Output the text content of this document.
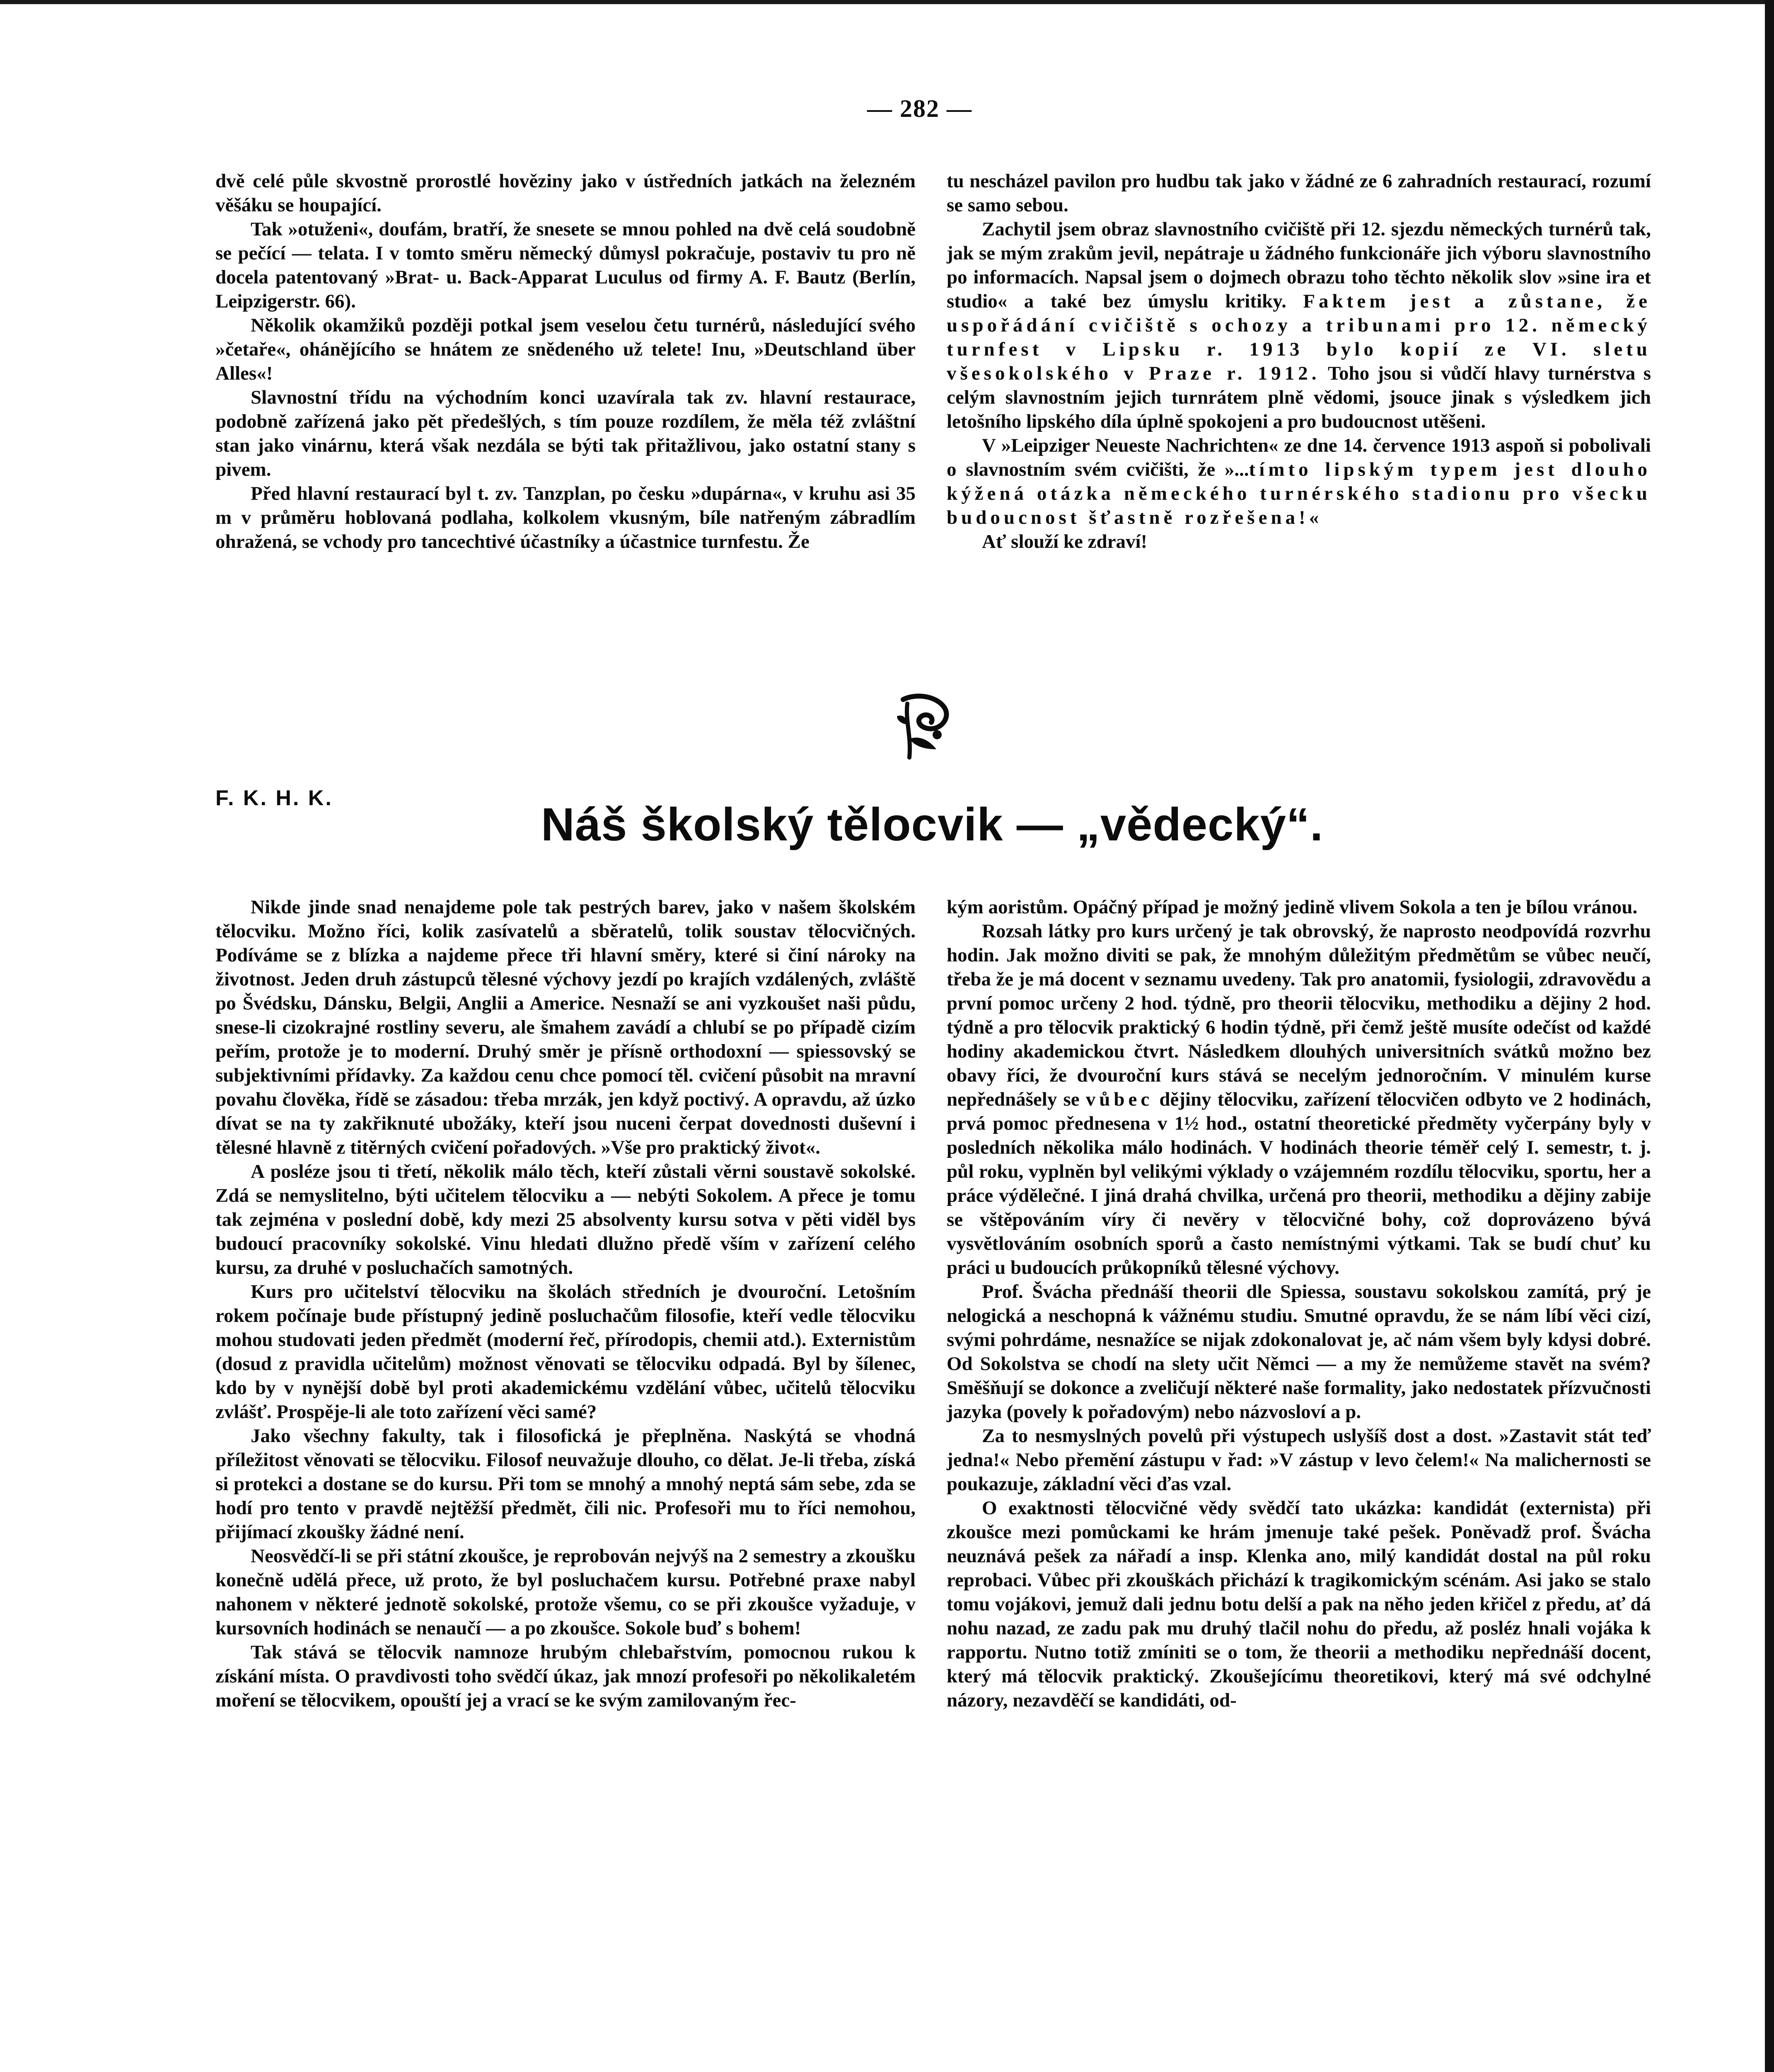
— 282 —

dvě celé půle skvostně prorostlé hověziny jako v ústředních jatkách na železném věšáku se houpající.

Tak »otuženi«, doufám, bratří, že snesete se mnou pohled na dvě celá soudobně se pečící — telata. I v tomto směru německý důmysl pokračuje, postaviv tu pro ně docela patentovaný »Brat- u. Back-Apparat Luculus od firmy A. F. Bautz (Berlín, Leipzigerstr. 66).

Několik okamžiků později potkal jsem veselou četu turnérů, následující svého »četaře«, ohánějícího se hnátem ze snědeného už telete! Inu, »Deutschland über Alles«!

Slavnostní třídu na východním konci uzavírala tak zv. hlavní restaurace, podobně zařízená jako pět předešlých, s tím pouze rozdílem, že měla též zvláštní stan jako vinárnu, která však nezdála se býti tak přitažlivou, jako ostatní stany s pivem.

Před hlavní restaurací byl t. zv. Tanzplan, po česku »dupárna«, v kruhu asi 35 m v průměru hoblovaná podlaha, kolkolem vkusným, bíle natřeným zábradlím ohražená, se vchody pro tancechtivé účastníky a účastnice turnfestu. Že

tu nescházel pavilon pro hudbu tak jako v žádné ze 6 zahradních restaurací, rozumí se samo sebou.

Zachytil jsem obraz slavnostního cvičiště při 12. sjezdu německých turnérů tak, jak se mým zrakům jevil, nepátraje u žádného funkcionáře jich výboru slavnostního po informacích. Napsal jsem o dojmech obrazu toho těchto několik slov »sine ira et studio« a také bez úmyslu kritiky. Faktem jest a zůstane, že uspořádání cvičiště s ochozy a tribunami pro 12. německý turnfest v Lipsku r. 1913 bylo kopií ze VI. sletu všesokolského v Praze r. 1912. Toho jsou si vůdčí hlavy turnérstva s celým slavnostním jejich turnrátem plně vědomi, jsouce jinak s výsledkem jich letošního lipského díla úplně spokojeni a pro budoucnost utěšeni.

V »Leipziger Neueste Nachrichten« ze dne 14. července 1913 aspoň si pobolivali o slavnostním svém cvičišti, že »...tímto lipským typem jest dlouho kýžená otázka německého turnérského stadionu pro všecku budoucnost šťastně rozřešena!«

Ať slouží ke zdraví!

F. K. H. K.
Náš školský tělocvik — „vědecký“.

Nikde jinde snad nenajdeme pole tak pestrých barev, jako v našem školském tělocviku. Možno říci, kolik zasívatelů a sběratelů, tolik soustav tělocvičných. Podíváme se z blízka a najdeme přece tři hlavní směry, které si činí nároky na životnost. Jeden druh zástupců tělesné výchovy jezdí po krajích vzdálených, zvláště po Švédsku, Dánsku, Belgii, Anglii a Americe. Nesnaží se ani vyzkoušet naši půdu, snese-li cizokrajné rostliny severu, ale šmahem zavádí a chlubí se po případě cizím peřím, protože je to moderní. Druhý směr je přísně orthodoxní — spiessovský se subjektivními přídavky. Za každou cenu chce pomocí těl. cvičení působit na mravní povahu člověka, řídě se zásadou: třeba mrzák, jen když poctivý. A opravdu, až úzko dívat se na ty zakřiknuté ubožáky, kteří jsou nuceni čerpat dovednosti duševní i tělesné hlavně z titěrných cvičení pořadových. »Vše pro praktický život«.

A posléze jsou ti třetí, několik málo těch, kteří zůstali věrni soustavě sokolské. Zdá se nemyslitelno, býti učitelem tělocviku a — nebýti Sokolem. A přece je tomu tak zejména v poslední době, kdy mezi 25 absolventy kursu sotva v pěti viděl bys budoucí pracovníky sokolské. Vinu hledati dlužno předě vším v zařízení celého kursu, za druhé v posluchačích samotných.

Kurs pro učitelství tělocviku na školách středních je dvouroční. Letošním rokem počínaje bude přístupný jedině posluchačům filosofie, kteří vedle tělocviku mohou studovati jeden předmět (moderní řeč, přírodopis, chemii atd.). Externistům (dosud z pravidla učitelům) možnost věnovati se tělocviku odpadá. Byl by šílenec, kdo by v nynější době byl proti akademickému vzdělání vůbec, učitelů tělocviku zvlášť. Prospěje-li ale toto zařízení věci samé?

Jako všechny fakulty, tak i filosofická je přeplněna. Naskýtá se vhodná příležitost věnovati se tělocviku. Filosof neuvažuje dlouho, co dělat. Je-li třeba, získá si protekci a dostane se do kursu. Při tom se mnohý a mnohý neptá sám sebe, zda se hodí pro tento v pravdě nejtěžší předmět, čili nic. Profesoři mu to říci nemohou, přijímací zkoušky žádné není.

Neosvědčí-li se při státní zkoušce, je reprobován nejvýš na 2 semestry a zkoušku konečně udělá přece, už proto, že byl posluchačem kursu. Potřebné praxe nabyl nahonem v některé jednotě sokolské, protože všemu, co se při zkoušce vyžaduje, v kursovních hodinách se nenaučí — a po zkoušce. Sokole buď s bohem!

Tak stává se tělocvik namnoze hrubým chlebařstvím, pomocnou rukou k získání místa. O pravdivosti toho svědčí úkaz, jak mnozí profesoři po několikaletém moření se tělocvikem, opouští jej a vrací se ke svým zamilovaným řec-

kým aoristům. Opáčný případ je možný jedině vlivem Sokola a ten je bílou vránou.

Rozsah látky pro kurs určený je tak obrovský, že naprosto neodpovídá rozvrhu hodin. Jak možno diviti se pak, že mnohým důležitým předmětům se vůbec neučí, třeba že je má docent v seznamu uvedeny. Tak pro anatomii, fysiologii, zdravovědu a první pomoc určeny 2 hod. týdně, pro theorii tělocviku, methodiku a dějiny 2 hod. týdně a pro tělocvik praktický 6 hodin týdně, při čemž ještě musíte odečíst od každé hodiny akademickou čtvrt. Následkem dlouhých universitních svátků možno bez obavy říci, že dvouroční kurs stává se necelým jednoročním. V minulém kurse nepřednášely se vůbec dějiny tělocviku, zařízení tělocvičen odbyto ve 2 hodinách, prvá pomoc přednesena v 1½ hod., ostatní theoretické předměty vyčerpány byly v posledních několika málo hodinách. V hodinách theorie téměř celý I. semestr, t. j. půl roku, vyplněn byl velikými výklady o vzájemném rozdílu tělocviku, sportu, her a práce výdělečné. I jiná drahá chvilka, určená pro theorii, methodiku a dějiny zabije se vštěpováním víry či nevěry v tělocvičné bohy, což doprovázeno bývá vysvětlováním osobních sporů a často nemístnými výtkami. Tak se budí chuť ku práci u budoucích průkopníků tělesné výchovy.

Prof. Švácha přednáší theorii dle Spiessa, soustavu sokolskou zamítá, prý je nelogická a neschopná k vážnému studiu. Smutné opravdu, že se nám líbí věci cizí, svými pohrdáme, nesnažíce se nijak zdokonalovat je, ač nám všem byly kdysi dobré. Od Sokolstva se chodí na slety učit Němci — a my že nemůžeme stavět na svém? Směšňují se dokonce a zveličují některé naše formality, jako nedostatek přízvučnosti jazyka (povely k pořadovým) nebo názvosloví a p.

Za to nesmyslných povelů při výstupech uslyšíš dost a dost. »Zastavit stát teď jedna!« Nebo přemění zástupu v řad: »V zástup v levo čelem!« Na malichernosti se poukazuje, základní věci ďas vzal.

O exaktnosti tělocvičné vědy svědčí tato ukázka: kandidát (externista) při zkoušce mezi pomůckami ke hrám jmenuje také pešek. Poněvadž prof. Švácha neuznává pešek za nářadí a insp. Klenka ano, milý kandidát dostal na půl roku reprobaci. Vůbec při zkouškách přichází k tragikomickým scénám. Asi jako se stalo tomu vojákovi, jemuž dali jednu botu delší a pak na něho jeden křičel z předu, ať dá nohu nazad, ze zadu pak mu druhý tlačil nohu do předu, až posléz hnali vojáka k rapportu. Nutno totiž zmíniti se o tom, že theorii a methodiku nepřednáší docent, který má tělocvik praktický. Zkoušejícímu theoretikovi, který má své odchylné názory, nezavděčí se kandidáti, od-
